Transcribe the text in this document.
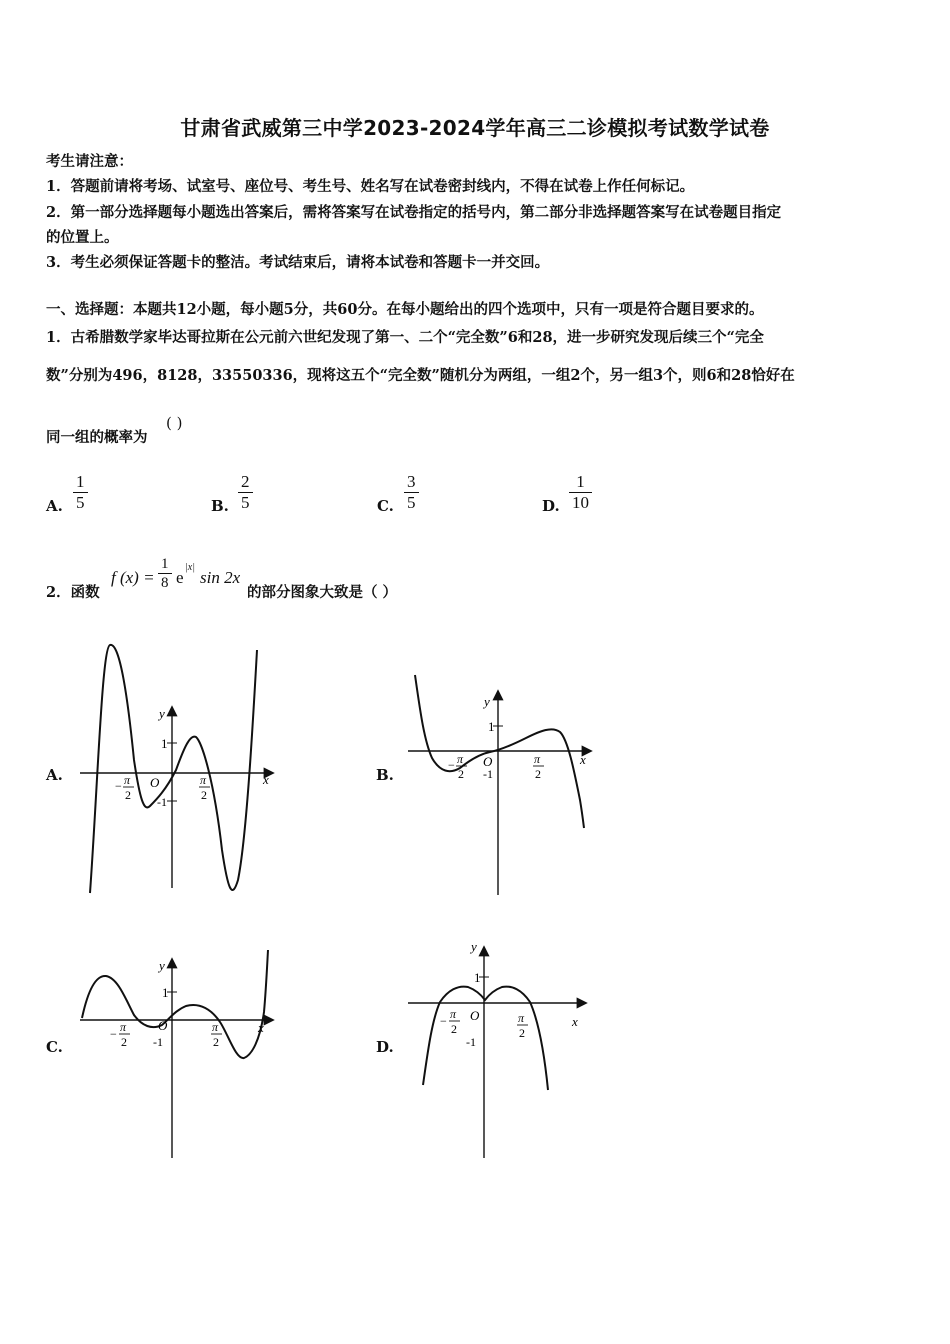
甘肃省武威第三中学2023-2024学年高三二诊模拟考试数学试卷
考生请注意：
1．答题前请将考场、试室号、座位号、考生号、姓名写在试卷密封线内，不得在试卷上作任何标记。
2．第一部分选择题每小题选出答案后，需将答案写在试卷指定的括号内，第二部分非选择题答案写在试卷题目指定
的位置上。
3．考生必须保证答题卡的整洁。考试结束后，请将本试卷和答题卡一并交回。
一、选择题：本题共12小题，每小题5分，共60分。在每小题给出的四个选项中，只有一项是符合题目要求的。
1．古希腊数学家毕达哥拉斯在公元前六世纪发现了第一、二个“完全数”6和28，进一步研究发现后续三个“完全
数”分别为496，8128，33550336，现将这五个“完全数”随机分为两组，一组2个，另一组3个，则6和28恰好在
同一组的概率为
( )
A.
1
5	B.
2
5	C.
3
5	D.
1
10
2．函数
f (x) =
1
8 e
|x|
sin 2x
的部分图象大致是（ ）
A.	B.
C.	D.
y
1
O
-1
x
− π
2
π
2
y
1
O
-1
x
− π
2
π
2
y
1
O
-1
x
− π
2
π
2
y
1
O
-1
x
− π
2
π
2
